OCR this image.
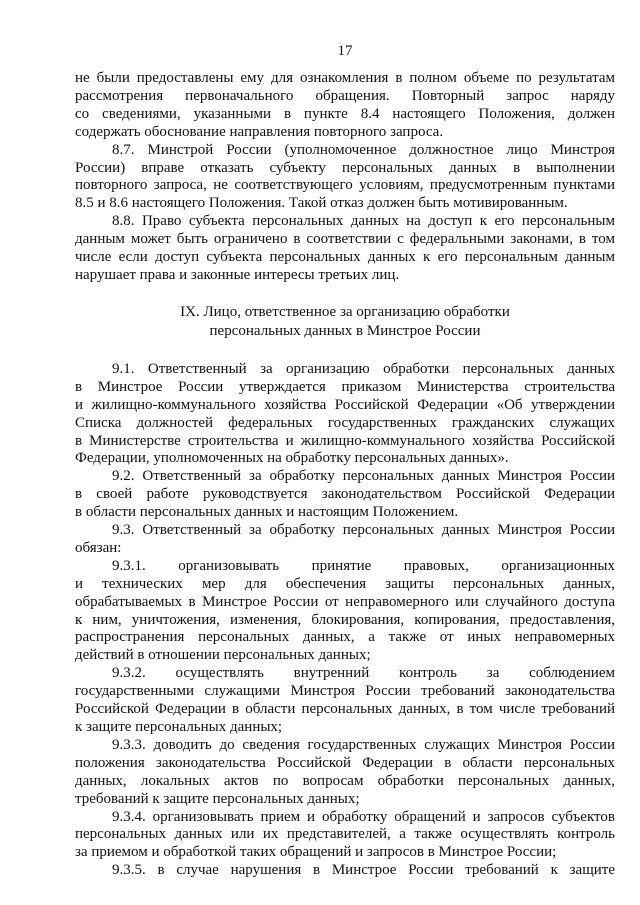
17
не были предоставлены ему для ознакомления в полном объеме по результатам
рассмотрения первоначального обращения. Повторный запрос наряду
со сведениями, указанными в пункте 8.4 настоящего Положения, должен
содержать обоснование направления повторного запроса.
8.7. Минстрой России (уполномоченное должностное лицо Минстроя
России) вправе отказать субъекту персональных данных в выполнении
повторного запроса, не соответствующего условиям, предусмотренным пунктами
8.5 и 8.6 настоящего Положения. Такой отказ должен быть мотивированным.
8.8. Право субъекта персональных данных на доступ к его персональным
данным может быть ограничено в соответствии с федеральными законами, в том
числе если доступ субъекта персональных данных к его персональным данным
нарушает права и законные интересы третьих лиц.
IX. Лицо, ответственное за организацию обработки
персональных данных в Минстрое России
9.1. Ответственный за организацию обработки персональных данных
в Минстрое России утверждается приказом Министерства строительства
и жилищно-коммунального хозяйства Российской Федерации «Об утверждении
Списка должностей федеральных государственных гражданских служащих
в Министерстве строительства и жилищно-коммунального хозяйства Российской
Федерации, уполномоченных на обработку персональных данных».
9.2. Ответственный за обработку персональных данных Минстроя России
в своей работе руководствуется законодательством Российской Федерации
в области персональных данных и настоящим Положением.
9.3. Ответственный за обработку персональных данных Минстроя России
обязан:
9.3.1. организовывать принятие правовых, организационных
и технических мер для обеспечения защиты персональных данных,
обрабатываемых в Минстрое России от неправомерного или случайного доступа
к ним, уничтожения, изменения, блокирования, копирования, предоставления,
распространения персональных данных, а также от иных неправомерных
действий в отношении персональных данных;
9.3.2. осуществлять внутренний контроль за соблюдением
государственными служащими Минстроя России требований законодательства
Российской Федерации в области персональных данных, в том числе требований
к защите персональных данных;
9.3.3. доводить до сведения государственных служащих Минстроя России
положения законодательства Российской Федерации в области персональных
данных, локальных актов по вопросам обработки персональных данных,
требований к защите персональных данных;
9.3.4. организовывать прием и обработку обращений и запросов субъектов
персональных данных или их представителей, а также осуществлять контроль
за приемом и обработкой таких обращений и запросов в Минстрое России;
9.3.5. в случае нарушения в Минстрое России требований к защите
